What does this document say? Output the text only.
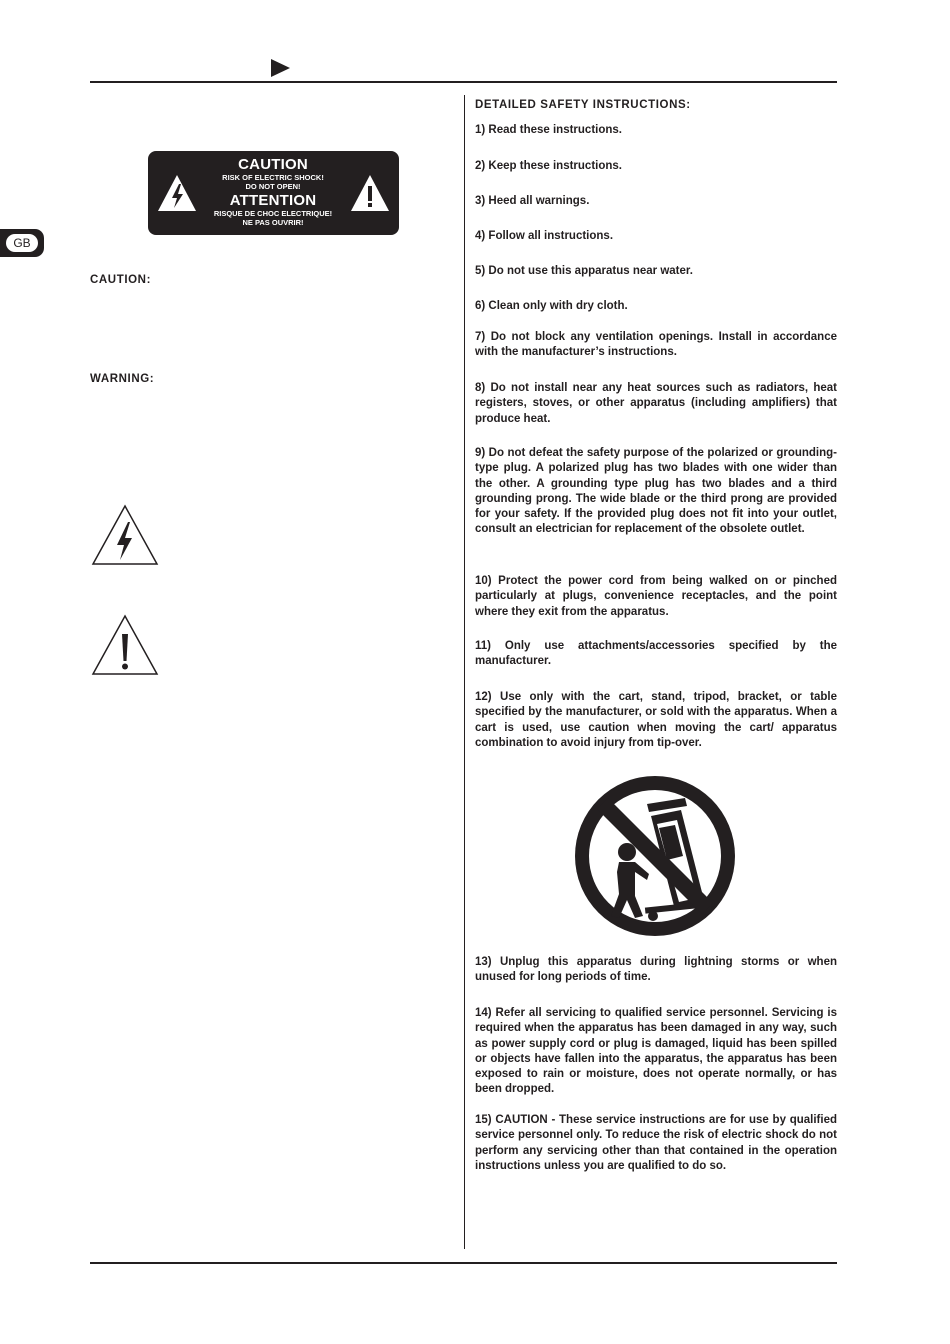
GB
CAUTION
RISK OF ELECTRIC SHOCK!
DO NOT OPEN!
ATTENTION
RISQUE DE CHOC ELECTRIQUE!
NE PAS OUVRIR!
CAUTION:
WARNING:

DETAILED SAFETY INSTRUCTIONS:

1) Read these instructions.

2) Keep these instructions.

3) Heed all warnings.

4) Follow all instructions.

5) Do not use this apparatus near water.

6) Clean only with dry cloth.

7) Do not block any ventilation openings. Install in accordance with the manufacturer’s instructions.

8) Do not install near any heat sources such as radiators, heat registers, stoves, or other apparatus (including amplifiers) that produce heat.

9) Do not defeat the safety purpose of the polarized or grounding-type plug. A polarized plug has two blades with one wider than the other. A grounding type plug has two blades and a third grounding prong. The wide blade or the third prong are provided for your safety. If the provided plug does not fit into your outlet, consult an electrician for replacement of the obsolete outlet.

10) Protect the power cord from being walked on or pinched particularly at plugs, convenience receptacles, and the point where they exit from the apparatus.

11) Only use attachments/accessories specified by the manufacturer.

12) Use only with the cart, stand, tripod, bracket, or table specified by the manufacturer, or sold with the apparatus. When a cart is used, use caution when moving the cart/ apparatus combination to avoid injury from tip-over.

13) Unplug this apparatus during lightning storms or when unused for long periods of time.

14) Refer all servicing to qualified service personnel. Servicing is required when the apparatus has been damaged in any way, such as power supply cord or plug is damaged, liquid has been spilled or objects have fallen into the apparatus, the apparatus has been exposed to rain or moisture, does not operate normally, or has been dropped.

15) CAUTION - These service instructions are for use by qualified service personnel only. To reduce the risk of electric shock do not perform any servicing other than that contained in the operation instructions unless you are qualified to do so.
